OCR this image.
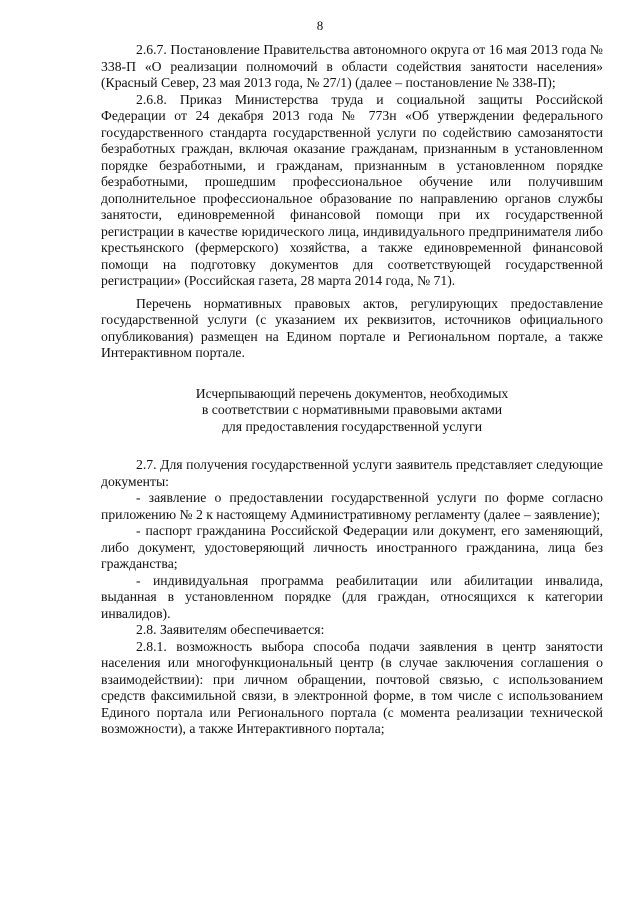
8

2.6.7. Постановление Правительства автономного округа от 16 мая 2013 года № 338-П «О реализации полномочий в области содействия занятости населения» (Красный Север, 23 мая 2013 года, № 27/1) (далее – постановление № 338-П);

2.6.8. Приказ Министерства труда и социальной защиты Российской Федерации от 24 декабря 2013 года № 773н «Об утверждении федерального государственного стандарта государственной услуги по содействию самозанятости безработных граждан, включая оказание гражданам, признанным в установленном порядке безработными, и гражданам, признанным в установленном порядке безработными, прошедшим профессиональное обучение или получившим дополнительное профессиональное образование по направлению органов службы занятости, единовременной финансовой помощи при их государственной регистрации в качестве юридического лица, индивидуального предпринимателя либо крестьянского (фермерского) хозяйства, а также единовременной финансовой помощи на подготовку документов для соответствующей государственной регистрации» (Российская газета, 28 марта 2014 года, № 71).

Перечень нормативных правовых актов, регулирующих предоставление государственной услуги (с указанием их реквизитов, источников официального опубликования) размещен на Едином портале и Региональном портале, а также Интерактивном портале.

Исчерпывающий перечень документов, необходимых
в соответствии с нормативными правовыми актами
для предоставления государственной услуги

2.7. Для получения государственной услуги заявитель представляет следующие документы:

- заявление о предоставлении государственной услуги по форме согласно приложению № 2 к настоящему Административному регламенту (далее – заявление);

- паспорт гражданина Российской Федерации или документ, его заменяющий, либо документ, удостоверяющий личность иностранного гражданина, лица без гражданства;

- индивидуальная программа реабилитации или абилитации инвалида, выданная в установленном порядке (для граждан, относящихся к категории инвалидов).

2.8. Заявителям обеспечивается:

2.8.1. возможность выбора способа подачи заявления в центр занятости населения или многофункциональный центр (в случае заключения соглашения о взаимодействии): при личном обращении, почтовой связью, с использованием средств факсимильной связи, в электронной форме, в том числе с использованием Единого портала или Регионального портала (с момента реализации технической возможности), а также Интерактивного портала;
